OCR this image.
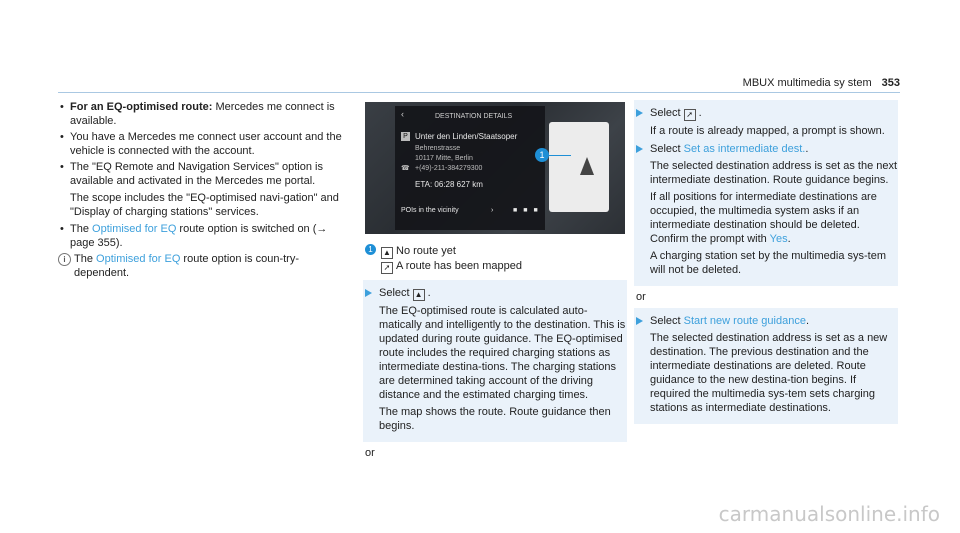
MBUX multimedia sy stem 353
• For an EQ-optimised route: Mercedes me connect is available.
• You have a Mercedes me connect user account and the vehicle is connected with the account.

• The "EQ Remote and Navigation Services" option is available and activated in the Mercedes me portal.

The scope includes the "EQ-optimised navi-gation" and "Display of charging stations" services.

• The Optimised for EQ route option is switched on (→ page 355).
i The Optimised for EQ route option is coun-try-dependent.
‹	DESTINATION DETAILS
P Unter den Linden/Staatsoper
Behrenstrasse
10117 Mitte, Berlin
☎ +(49)-211-384279300
ETA: 06:28 627 km
POIs in the vicinity	›	■■■
1
1	▲ No route yet
➚ A route has been mapped

Select ▲ .

The EQ-optimised route is calculated auto-matically and intelligently to the destination. This is updated during route guidance. The EQ-optimised route includes the required charging stations as intermediate destina-tions. The charging stations are determined taking account of the driving distance and the estimated charging times.

The map shows the route. Route guidance then begins.

or

Select ➚ .

If a route is already mapped, a prompt is shown.

Select Set as intermediate dest..

The selected destination address is set as the next intermediate destination. Route guidance begins.

If all positions for intermediate destinations are occupied, the multimedia system asks if an intermediate destination should be deleted. Confirm the prompt with Yes.

A charging station set by the multimedia sys-tem will not be deleted.

or

Select Start new route guidance.

The selected destination address is set as a new destination. The previous destination and the intermediate destinations are deleted. Route guidance to the new destina-tion begins. If required the multimedia sys-tem sets charging stations as intermediate destinations.

carmanualsonline.info
